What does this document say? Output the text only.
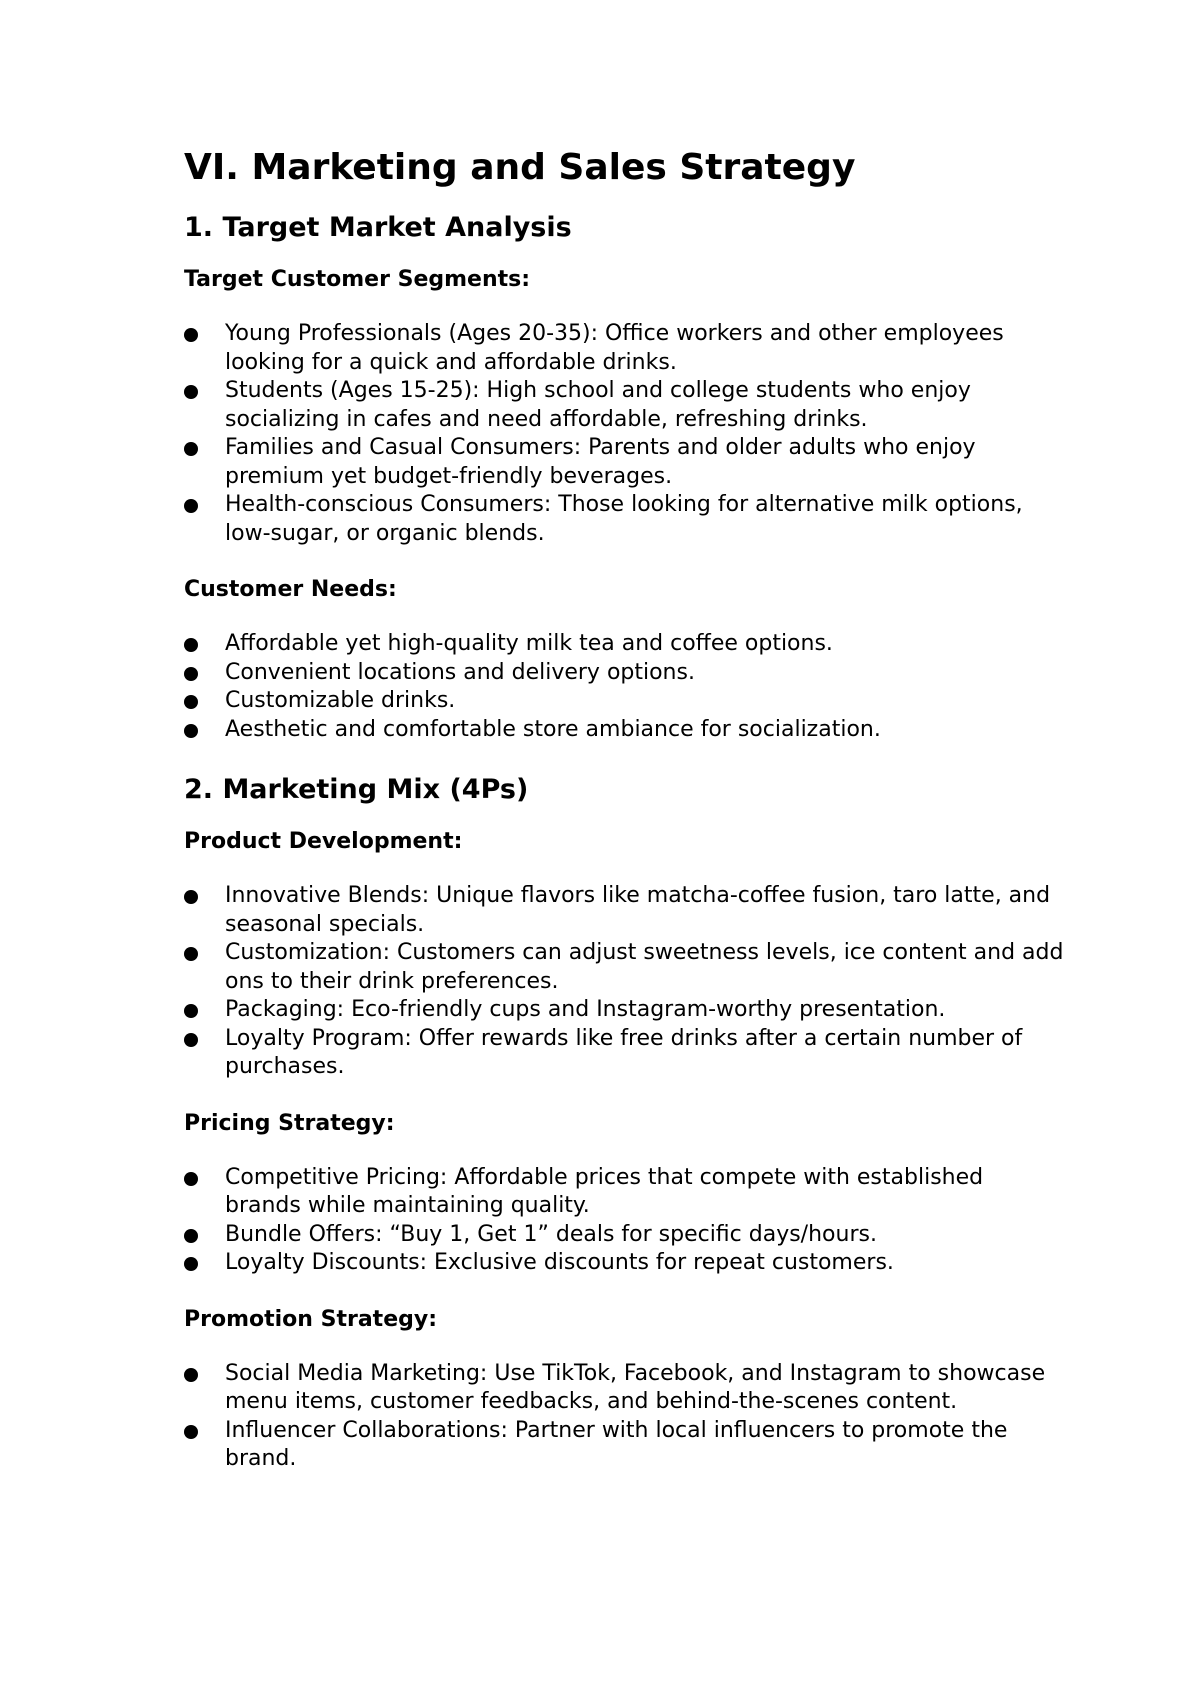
VI. Marketing and Sales Strategy
1. Target Market Analysis
Target Customer Segments:
Young Professionals (Ages 20-35): Office workers and other employees looking for a quick and affordable drinks.
Students (Ages 15-25): High school and college students who enjoy socializing in cafes and need affordable, refreshing drinks.
Families and Casual Consumers: Parents and older adults who enjoy premium yet budget-friendly beverages.
Health-conscious Consumers: Those looking for alternative milk options, low-sugar, or organic blends.
Customer Needs:
Affordable yet high-quality milk tea and coffee options.
Convenient locations and delivery options.
Customizable drinks.
Aesthetic and comfortable store ambiance for socialization.
2. Marketing Mix (4Ps)
Product Development:
Innovative Blends: Unique flavors like matcha-coffee fusion, taro latte, and seasonal specials.
Customization: Customers can adjust sweetness levels, ice content and add ons to their drink preferences.
Packaging: Eco-friendly cups and Instagram-worthy presentation.
Loyalty Program: Offer rewards like free drinks after a certain number of purchases.
Pricing Strategy:
Competitive Pricing: Affordable prices that compete with established brands while maintaining quality.
Bundle Offers: “Buy 1, Get 1” deals for specific days/hours.
Loyalty Discounts: Exclusive discounts for repeat customers.
Promotion Strategy:
Social Media Marketing: Use TikTok, Facebook, and Instagram to showcase menu items, customer feedbacks, and behind-the-scenes content.
Influencer Collaborations: Partner with local influencers to promote the brand.
